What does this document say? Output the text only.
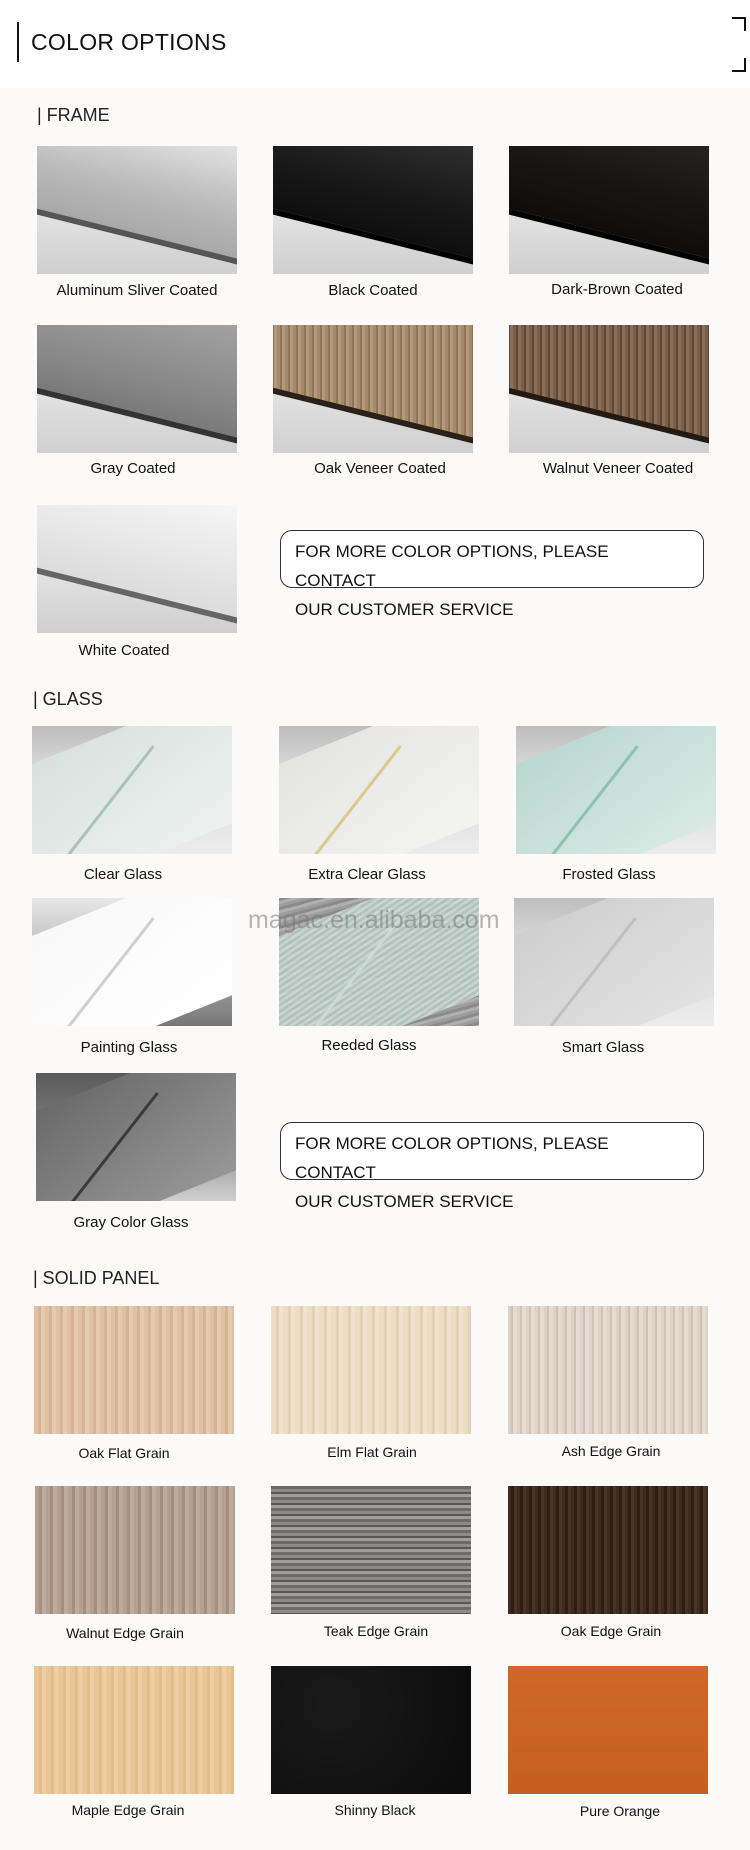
COLOR OPTIONS
| FRAME
Aluminum Sliver Coated	Black Coated	Dark-Brown Coated
Gray Coated	Oak Veneer Coated	Walnut Veneer Coated
White Coated
FOR MORE COLOR OPTIONS, PLEASE CONTACT
OUR CUSTOMER SERVICE
| GLASS
Clear Glass	Extra Clear Glass	Frosted Glass
Painting Glass	Reeded Glass	Smart Glass
Gray Color Glass
FOR MORE COLOR OPTIONS, PLEASE CONTACT
OUR CUSTOMER SERVICE
magac.en.alibaba.com
| SOLID PANEL
Oak Flat Grain	Elm Flat Grain	Ash Edge Grain
Walnut Edge Grain	Teak Edge Grain	Oak Edge Grain
Maple Edge Grain	Shinny Black	Pure Orange
